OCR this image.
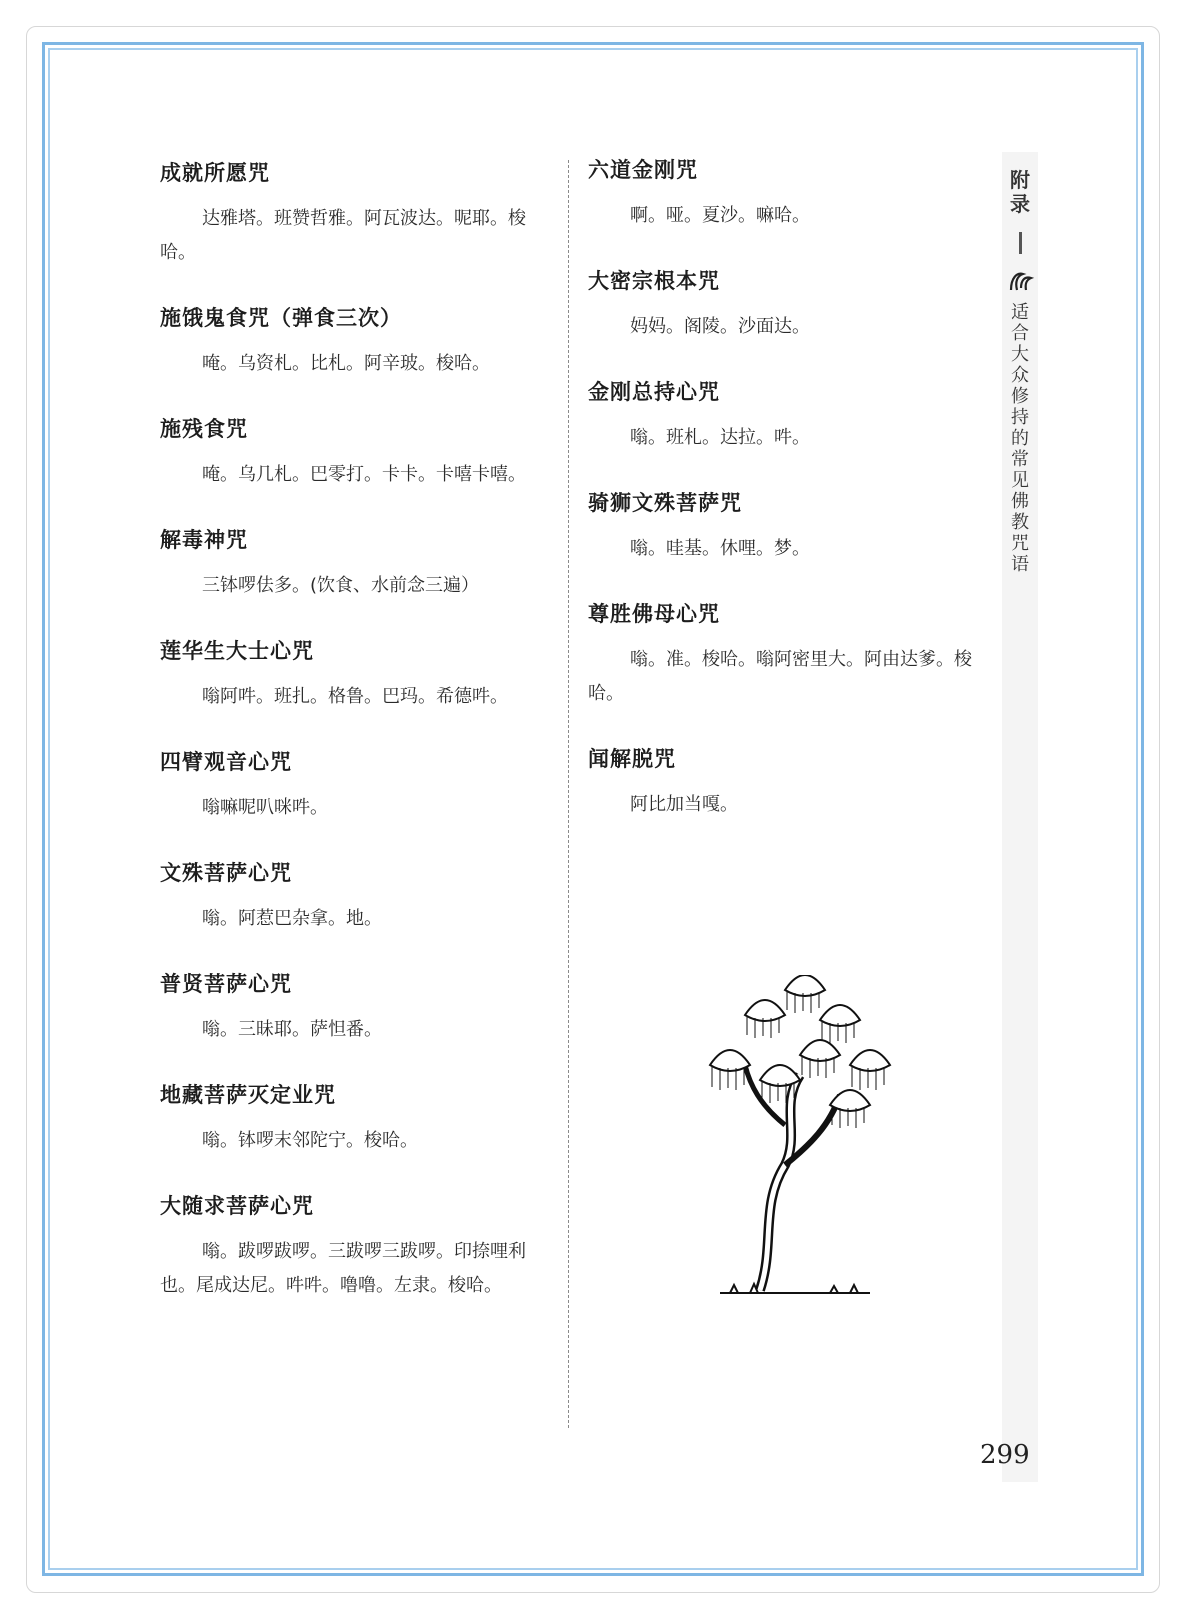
成就所愿咒

达雅塔。班赞哲雅。阿瓦波达。呢耶。梭哈。

施饿鬼食咒（弹食三次）

唵。乌资札。比札。阿辛玻。梭哈。

施残食咒

唵。乌几札。巴零打。卡卡。卡嘻卡嘻。

解毒神咒

三钵啰佉多。(饮食、水前念三遍）

莲华生大士心咒

嗡阿吽。班扎。格鲁。巴玛。希德吽。

四臂观音心咒

嗡嘛呢叭咪吽。

文殊菩萨心咒

嗡。阿惹巴杂拿。地。

普贤菩萨心咒

嗡。三昧耶。萨怛番。

地藏菩萨灭定业咒

嗡。钵啰末邻陀宁。梭哈。

大随求菩萨心咒

嗡。跋啰跋啰。三跋啰三跋啰。印捺哩利也。尾成达尼。吽吽。噜噜。左隶。梭哈。

六道金刚咒

啊。哑。夏沙。嘛哈。

大密宗根本咒

妈妈。阁陵。沙面达。

金刚总持心咒

嗡。班札。达拉。吽。

骑狮文殊菩萨咒

嗡。哇基。休哩。梦。

尊胜佛母心咒

嗡。准。梭哈。嗡阿密里大。阿由达爹。梭哈。

闻解脱咒

阿比加当嘎。

附录
适合大众修持的常见佛教咒语
299
